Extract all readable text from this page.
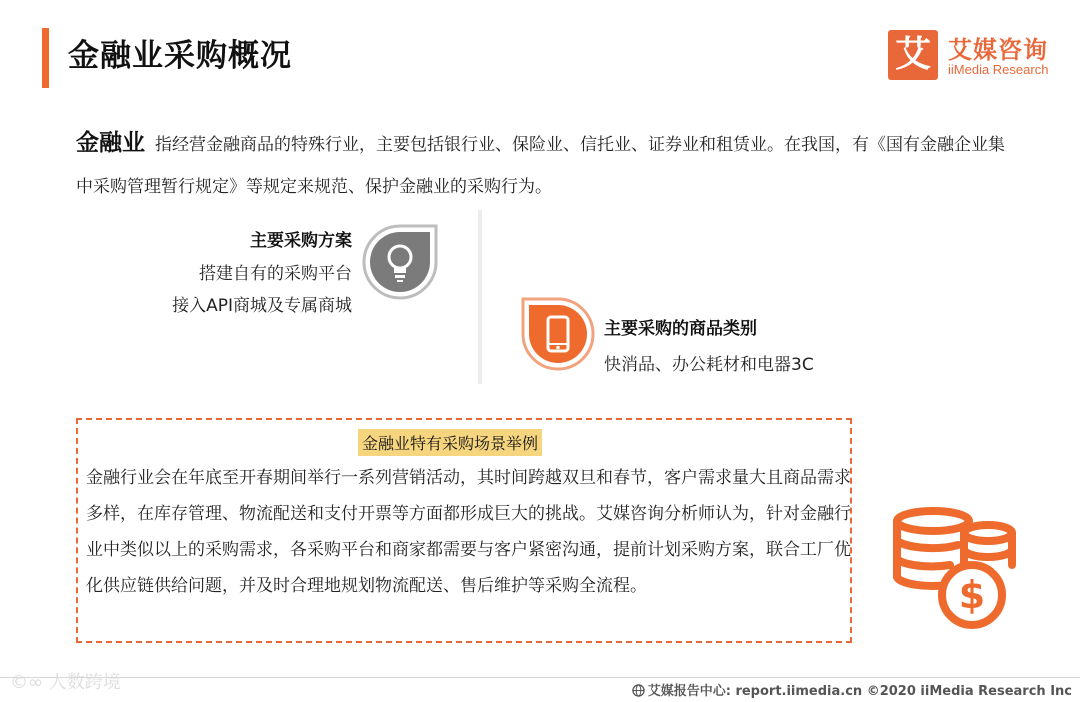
金融业采购概况	艾 艾媒咨询
iiMedia Research
金融业 指经营金融商品的特殊行业，主要包括银行业、保险业、信托业、证券业和租赁业。在我国，有《国有金融企业集中采购管理暂行规定》等规定来规范、保护金融业的采购行为。
主要采购方案
搭建自有的采购平台
接入API商城及专属商城
主要采购的商品类别
快消品、办公耗材和电器3C
金融业特有采购场景举例
金融行业会在年底至开春期间举行一系列营销活动，其时间跨越双旦和春节，客户需求量大且商品需求多样，在库存管理、物流配送和支付开票等方面都形成巨大的挑战。艾媒咨询分析师认为，针对金融行业中类似以上的采购需求，各采购平台和商家都需要与客户紧密沟通，提前计划采购方案，联合工厂优化供应链供给问题，并及时合理地规划物流配送、售后维护等采购全流程。	$
©∞ 人数跨境	艾媒报告中心: report.iimedia.cn ©2020 iiMedia Research Inc
